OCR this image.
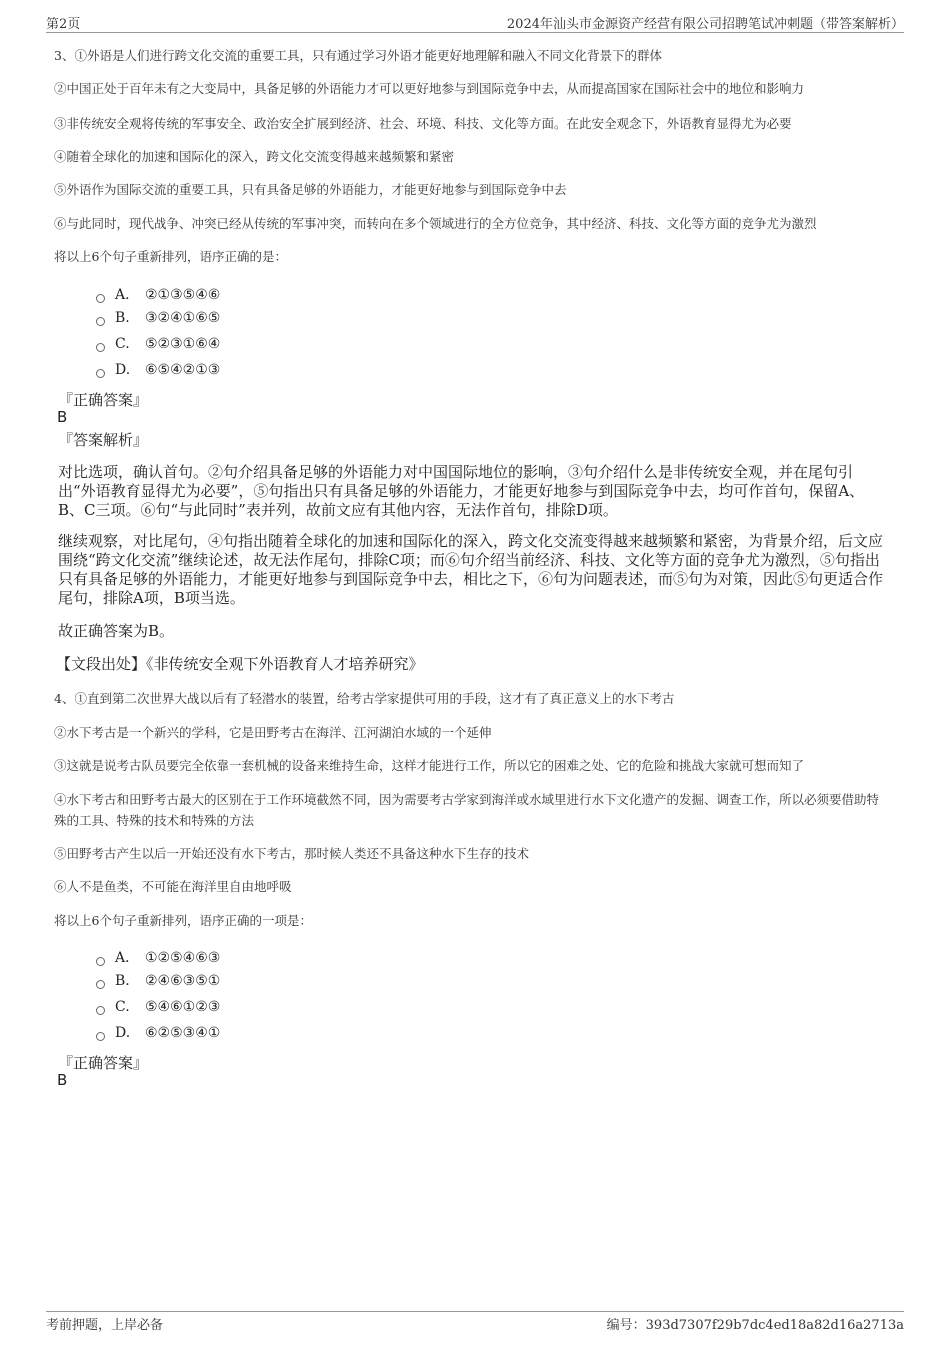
第2页	2024年汕头市金源资产经营有限公司招聘笔试冲刺题（带答案解析）
3、①外语是人们进行跨文化交流的重要工具，只有通过学习外语才能更好地理解和融入不同文化背景下的群体
②中国正处于百年未有之大变局中，具备足够的外语能力才可以更好地参与到国际竞争中去，从而提高国家在国际社会中的地位和影响力
③非传统安全观将传统的军事安全、政治安全扩展到经济、社会、环境、科技、文化等方面。在此安全观念下，外语教育显得尤为必要
④随着全球化的加速和国际化的深入，跨文化交流变得越来越频繁和紧密
⑤外语作为国际交流的重要工具，只有具备足够的外语能力，才能更好地参与到国际竞争中去
⑥与此同时，现代战争、冲突已经从传统的军事冲突，而转向在多个领域进行的全方位竞争，其中经济、科技、文化等方面的竞争尤为激烈
将以上6个句子重新排列，语序正确的是：
A． ②①③⑤④⑥
B. ③②④①⑥⑤
C. ⑤②③①⑥④
D. ⑥⑤④②①③
『正确答案』
B
『答案解析』
对比选项，确认首句。②句介绍具备足够的外语能力对中国国际地位的影响，③句介绍什么是非传统安全观，并在尾句引出“外语教育显得尤为必要”，⑤句指出只有具备足够的外语能力，才能更好地参与到国际竞争中去，均可作首句，保留A、B、C三项。⑥句“与此同时”表并列，故前文应有其他内容，无法作首句，排除D项。
继续观察，对比尾句，④句指出随着全球化的加速和国际化的深入，跨文化交流变得越来越频繁和紧密，为背景介绍，后文应围绕“跨文化交流”继续论述，故无法作尾句，排除C项；而⑥句介绍当前经济、科技、文化等方面的竞争尤为激烈，⑤句指出只有具备足够的外语能力，才能更好地参与到国际竞争中去，相比之下，⑥句为问题表述，而⑤句为对策，因此⑤句更适合作尾句，排除A项，B项当选。
故正确答案为B。
【文段出处】《非传统安全观下外语教育人才培养研究》
4、①直到第二次世界大战以后有了轻潜水的装置，给考古学家提供可用的手段，这才有了真正意义上的水下考古
②水下考古是一个新兴的学科，它是田野考古在海洋、江河湖泊水域的一个延伸
③这就是说考古队员要完全依靠一套机械的设备来维持生命，这样才能进行工作，所以它的困难之处、它的危险和挑战大家就可想而知了
④水下考古和田野考古最大的区别在于工作环境截然不同，因为需要考古学家到海洋或水域里进行水下文化遗产的发掘、调查工作，所以必须要借助特殊的工具、特殊的技术和特殊的方法
⑤田野考古产生以后一开始还没有水下考古，那时候人类还不具备这种水下生存的技术
⑥人不是鱼类，不可能在海洋里自由地呼吸
将以上6个句子重新排列，语序正确的一项是：
A． ①②⑤④⑥③
B. ②④⑥③⑤①
C. ⑤④⑥①②③
D. ⑥②⑤③④①
『正确答案』
B
考前押题，上岸必备	编号：393d7307f29b7dc4ed18a82d16a2713a
